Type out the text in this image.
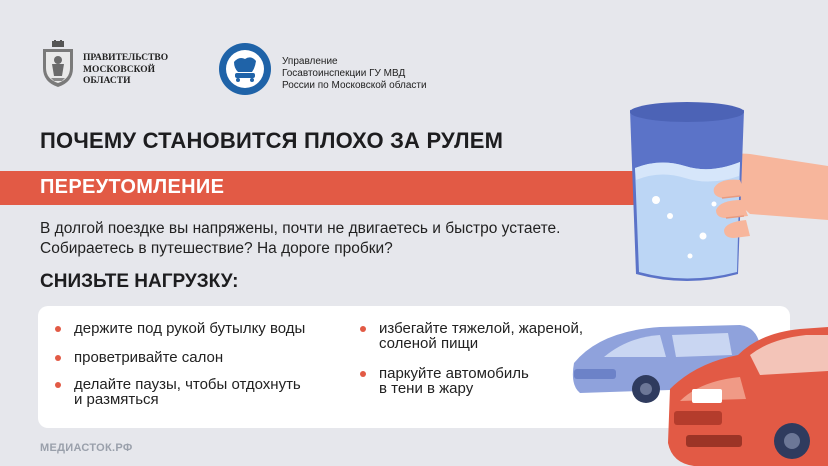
ПРАВИТЕЛЬСТВО
МОСКОВСКОЙ
ОБЛАСТИ
Управление
Госавтоинспекции ГУ МВД
России по Московской области
ПОЧЕМУ СТАНОВИТСЯ ПЛОХО ЗА РУЛЕМ
ПЕРЕУТОМЛЕНИЕ
В долгой поездке вы напряжены, почти не двигаетесь и быстро устаете.
Собираетесь в путешествие? На дороге пробки?
СНИЗЬТЕ НАГРУЗКУ:
держите под рукой бутылку воды
проветривайте салон
делайте паузы, чтобы отдохнуть
и размяться
избегайте тяжелой, жареной,
соленой пищи
паркуйте автомобиль
в тени в жару
МЕДИАСТОК.РФ
